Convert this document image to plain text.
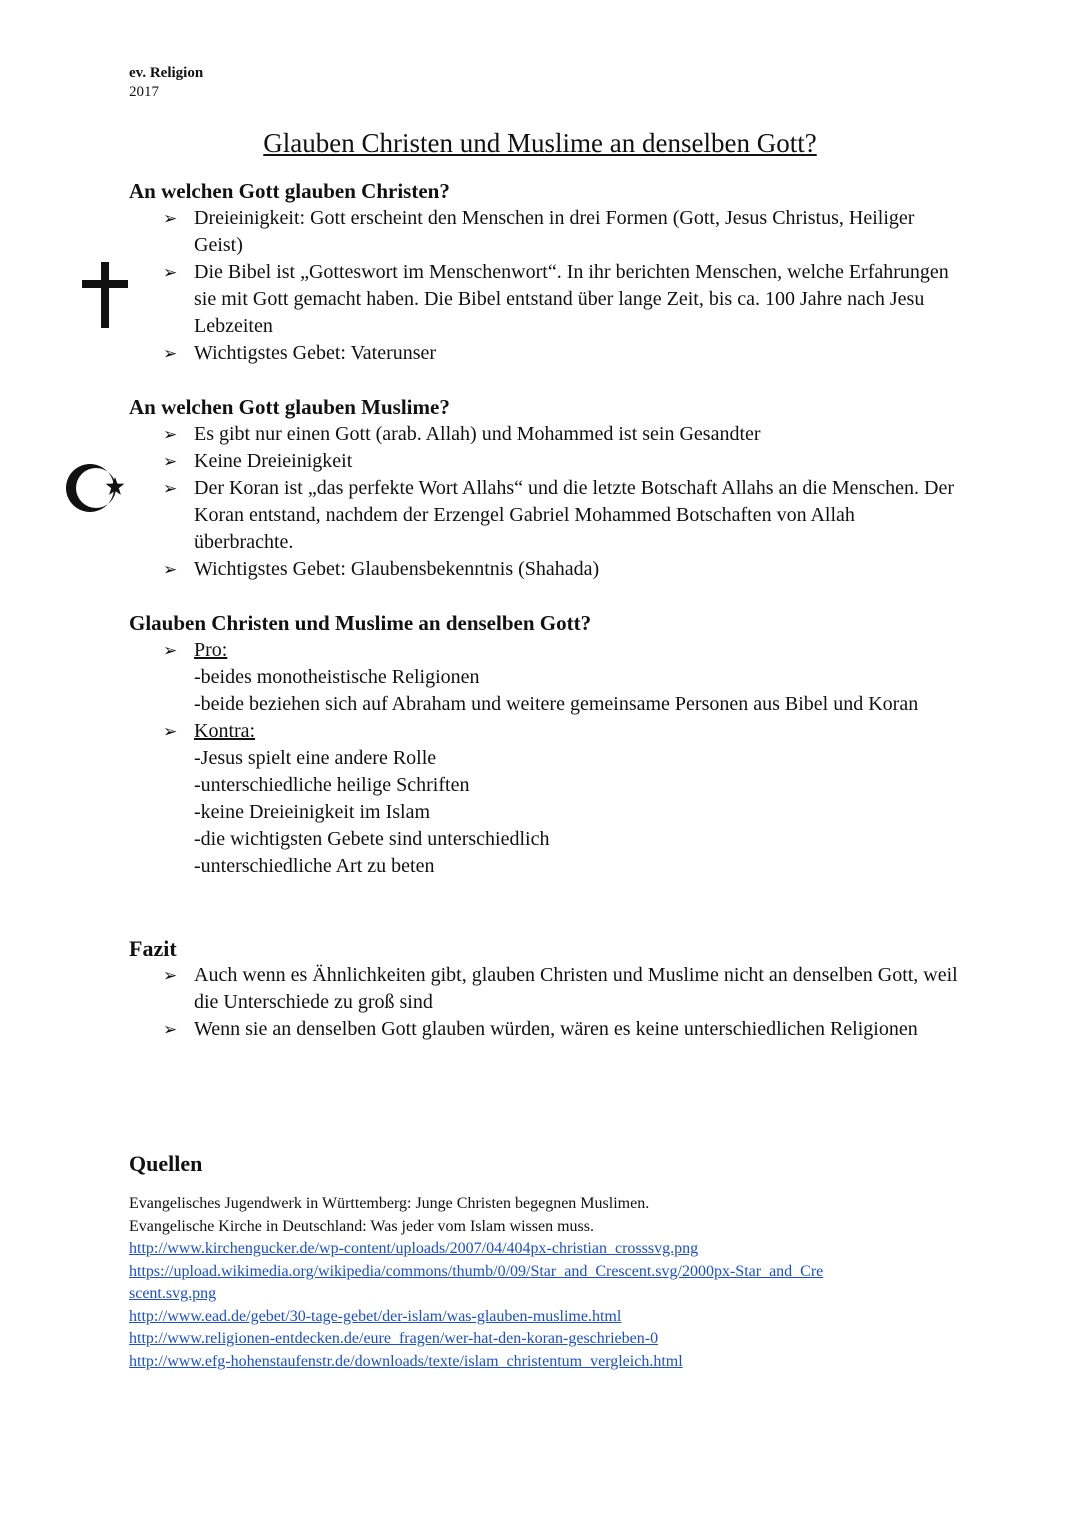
ev. Religion
2017
Glauben Christen und Muslime an denselben Gott?
An welchen Gott glauben Christen?
➢ Dreieinigkeit: Gott erscheint den Menschen in drei Formen (Gott, Jesus Christus, Heiliger Geist)
➢ Die Bibel ist „Gotteswort im Menschenwort“. In ihr berichten Menschen, welche Erfahrungen sie mit Gott gemacht haben. Die Bibel entstand über lange Zeit, bis ca. 100 Jahre nach Jesu Lebzeiten
➢ Wichtigstes Gebet: Vaterunser
An welchen Gott glauben Muslime?
➢ Es gibt nur einen Gott (arab. Allah) und Mohammed ist sein Gesandter
➢ Keine Dreieinigkeit
➢ Der Koran ist „das perfekte Wort Allahs“ und die letzte Botschaft Allahs an die Menschen. Der Koran entstand, nachdem der Erzengel Gabriel Mohammed Botschaften von Allah überbrachte.
➢ Wichtigstes Gebet: Glaubensbekenntnis (Shahada)
Glauben Christen und Muslime an denselben Gott?
➢ Pro:
-beides monotheistische Religionen
-beide beziehen sich auf Abraham und weitere gemeinsame Personen aus Bibel und Koran
➢ Kontra:
-Jesus spielt eine andere Rolle
-unterschiedliche heilige Schriften
-keine Dreieinigkeit im Islam
-die wichtigsten Gebete sind unterschiedlich
-unterschiedliche Art zu beten
Fazit
➢ Auch wenn es Ähnlichkeiten gibt, glauben Christen und Muslime nicht an denselben Gott, weil die Unterschiede zu groß sind
➢ Wenn sie an denselben Gott glauben würden, wären es keine unterschiedlichen Religionen
Quellen
Evangelisches Jugendwerk in Württemberg: Junge Christen begegnen Muslimen.
Evangelische Kirche in Deutschland: Was jeder vom Islam wissen muss.
http://www.kirchengucker.de/wp-content/uploads/2007/04/404px-christian_crosssvg.png
https://upload.wikimedia.org/wikipedia/commons/thumb/0/09/Star_and_Crescent.svg/2000px-Star_and_Crescent.svg.png
http://www.ead.de/gebet/30-tage-gebet/der-islam/was-glauben-muslime.html
http://www.religionen-entdecken.de/eure_fragen/wer-hat-den-koran-geschrieben-0
http://www.efg-hohenstaufenstr.de/downloads/texte/islam_christentum_vergleich.html
